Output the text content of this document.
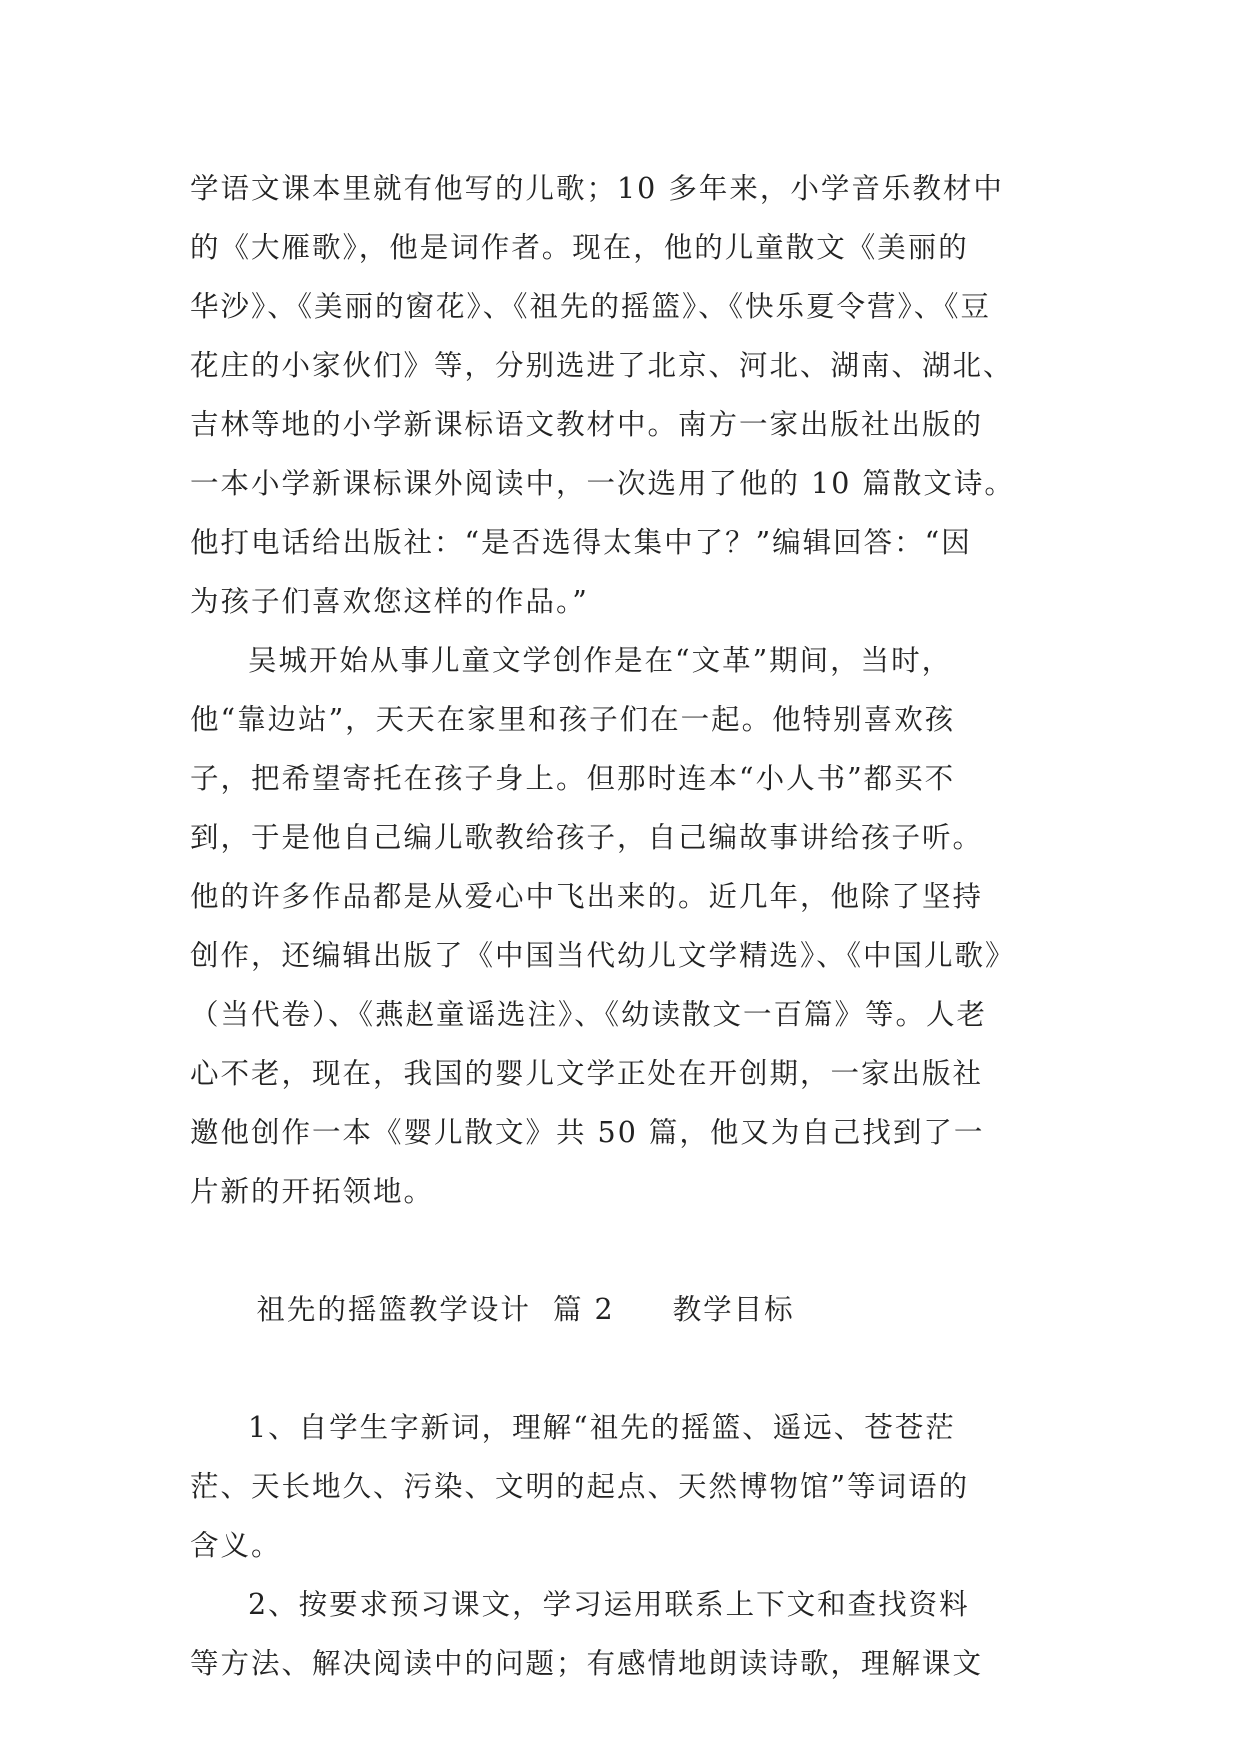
学语文课本里就有他写的儿歌；10 多年来，小学音乐教材中
的《大雁歌》，他是词作者。现在，他的儿童散文《美丽的
华沙》、《美丽的窗花》、《祖先的摇篮》、《快乐夏令营》、《豆
花庄的小家伙们》等，分别选进了北京、河北、湖南、湖北、
吉林等地的小学新课标语文教材中。南方一家出版社出版的
一本小学新课标课外阅读中，一次选用了他的 10 篇散文诗。
他打电话给出版社：“是否选得太集中了？”编辑回答：“因
为孩子们喜欢您这样的作品。”
吴城开始从事儿童文学创作是在“文革”期间，当时，
他“靠边站”，天天在家里和孩子们在一起。他特别喜欢孩
子，把希望寄托在孩子身上。但那时连本“小人书”都买不
到，于是他自己编儿歌教给孩子，自己编故事讲给孩子听。
他的许多作品都是从爱心中飞出来的。近几年，他除了坚持
创作，还编辑出版了《中国当代幼儿文学精选》、《中国儿歌》
（当代卷）、《燕赵童谣选注》、《幼读散文一百篇》等。人老
心不老，现在，我国的婴儿文学正处在开创期，一家出版社
邀他创作一本《婴儿散文》共 50 篇，他又为自己找到了一
片新的开拓领地。

祖先的摇篮教学设计  篇 2 教学目标

1、自学生字新词，理解“祖先的摇篮、遥远、苍苍茫
茫、天长地久、污染、文明的起点、天然博物馆”等词语的
含义。
2、按要求预习课文，学习运用联系上下文和查找资料
等方法、解决阅读中的问题；有感情地朗读诗歌，理解课文
